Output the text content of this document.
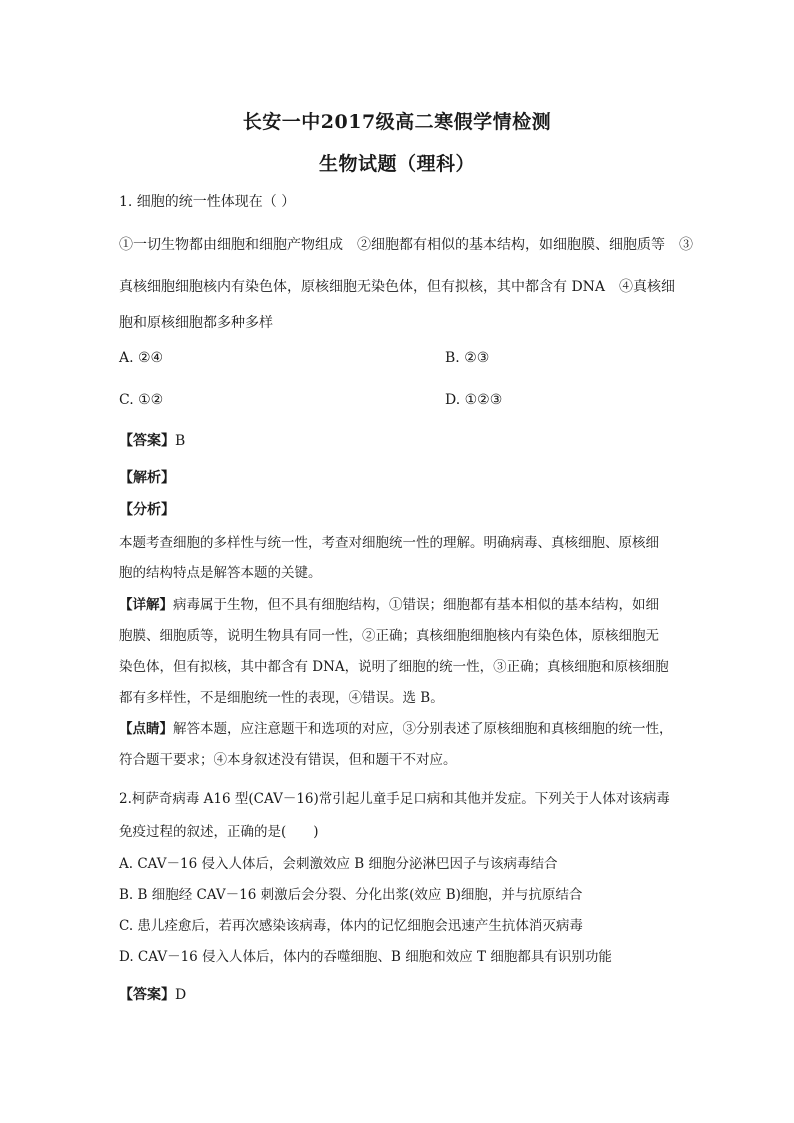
长安一中2017级高二寒假学情检测
生物试题（理科）
1. 细胞的统一性体现在（ ）
①一切生物都由细胞和细胞产物组成　②细胞都有相似的基本结构，如细胞膜、细胞质等　③
真核细胞细胞核内有染色体，原核细胞无染色体，但有拟核，其中都含有 DNA　④真核细
胞和原核细胞都多种多样
A. ②④	B. ②③
C. ①②	D. ①②③
【答案】B
【解析】
【分析】
本题考查细胞的多样性与统一性，考查对细胞统一性的理解。明确病毒、真核细胞、原核细
胞的结构特点是解答本题的关键。
【详解】病毒属于生物，但不具有细胞结构，①错误；细胞都有基本相似的基本结构，如细
胞膜、细胞质等，说明生物具有同一性，②正确；真核细胞细胞核内有染色体，原核细胞无
染色体，但有拟核，其中都含有 DNA，说明了细胞的统一性，③正确；真核细胞和原核细胞
都有多样性，不是细胞统一性的表现，④错误。选 B。
【点睛】解答本题，应注意题干和选项的对应，③分别表述了原核细胞和真核细胞的统一性，
符合题干要求；④本身叙述没有错误，但和题干不对应。
2.柯萨奇病毒 A16 型(CAV－16)常引起儿童手足口病和其他并发症。下列关于人体对该病毒
免疫过程的叙述，正确的是(　　)
A. CAV－16 侵入人体后，会刺激效应 B 细胞分泌淋巴因子与该病毒结合
B. B 细胞经 CAV－16 刺激后会分裂、分化出浆(效应 B)细胞，并与抗原结合
C. 患儿痊愈后，若再次感染该病毒，体内的记忆细胞会迅速产生抗体消灭病毒
D. CAV－16 侵入人体后，体内的吞噬细胞、B 细胞和效应 T 细胞都具有识别功能
【答案】D
